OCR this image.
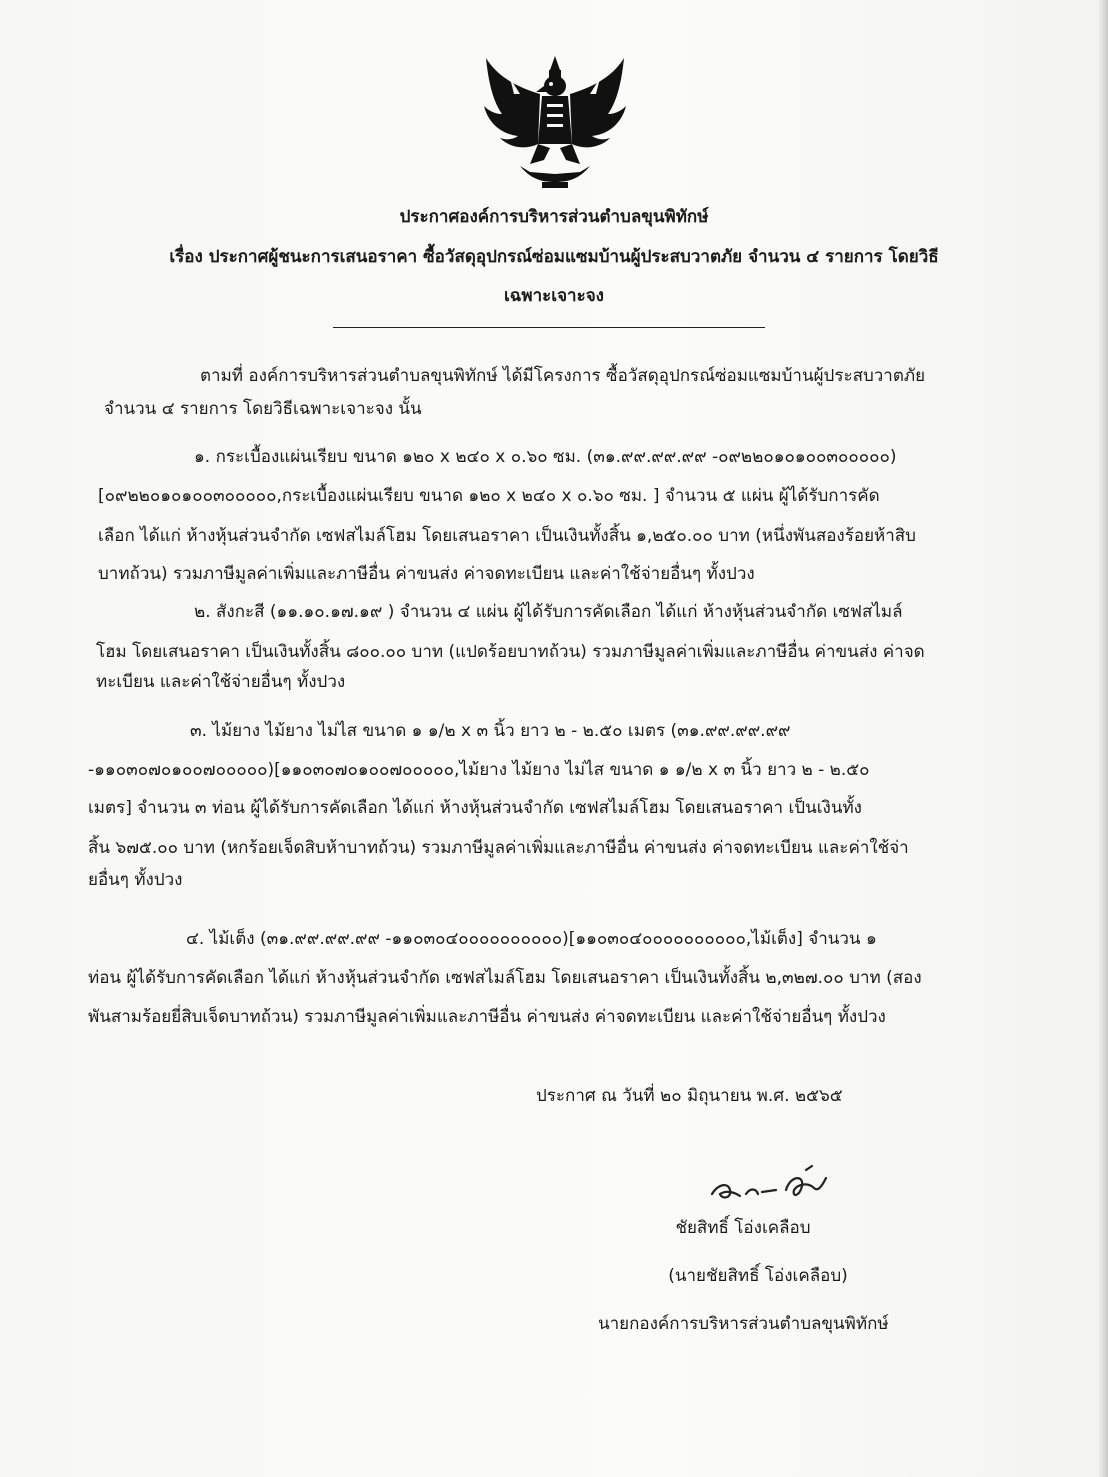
ประกาศองค์การบริหารส่วนตำบลขุนพิทักษ์
เรื่อง ประกาศผู้ชนะการเสนอราคา ซื้อวัสดุอุปกรณ์ซ่อมแซมบ้านผู้ประสบวาตภัย จำนวน ๔ รายการ โดยวิธี
เฉพาะเจาะจง
ตามที่ องค์การบริหารส่วนตำบลขุนพิทักษ์ ได้มีโครงการ ซื้อวัสดุอุปกรณ์ซ่อมแซมบ้านผู้ประสบวาตภัย
จำนวน ๔ รายการ โดยวิธีเฉพาะเจาะจง นั้น
๑. กระเบื้องแผ่นเรียบ ขนาด ๑๒๐ x ๒๔๐ x ๐.๖๐ ซม. (๓๑.๙๙.๙๙.๙๙ -๐๙๒๒๐๑๐๑๐๐๓๐๐๐๐๐)
[๐๙๒๒๐๑๐๑๐๐๓๐๐๐๐๐,กระเบื้องแผ่นเรียบ ขนาด ๑๒๐ x ๒๔๐ x ๐.๖๐ ซม. ] จำนวน ๕ แผ่น ผู้ได้รับการคัด
เลือก ได้แก่ ห้างหุ้นส่วนจำกัด เซฟสไมล์โฮม โดยเสนอราคา เป็นเงินทั้งสิ้น ๑,๒๕๐.๐๐ บาท (หนึ่งพันสองร้อยห้าสิบ
บาทถ้วน) รวมภาษีมูลค่าเพิ่มและภาษีอื่น ค่าขนส่ง ค่าจดทะเบียน และค่าใช้จ่ายอื่นๆ ทั้งปวง
๒. สังกะสี (๑๑.๑๐.๑๗.๑๙ ) จำนวน ๔ แผ่น ผู้ได้รับการคัดเลือก ได้แก่ ห้างหุ้นส่วนจำกัด เซฟสไมล์
โฮม โดยเสนอราคา เป็นเงินทั้งสิ้น ๘๐๐.๐๐ บาท (แปดร้อยบาทถ้วน) รวมภาษีมูลค่าเพิ่มและภาษีอื่น ค่าขนส่ง ค่าจด
ทะเบียน และค่าใช้จ่ายอื่นๆ ทั้งปวง
๓. ไม้ยาง ไม้ยาง ไม่ไส ขนาด ๑ ๑/๒ x ๓ นิ้ว ยาว ๒ - ๒.๕๐ เมตร (๓๑.๙๙.๙๙.๙๙
-๑๑๐๓๐๗๐๑๐๐๗๐๐๐๐๐)[๑๑๐๓๐๗๐๑๐๐๗๐๐๐๐๐,ไม้ยาง ไม้ยาง ไม่ไส ขนาด ๑ ๑/๒ x ๓ นิ้ว ยาว ๒ - ๒.๕๐
เมตร] จำนวน ๓ ท่อน ผู้ได้รับการคัดเลือก ได้แก่ ห้างหุ้นส่วนจำกัด เซฟสไมล์โฮม โดยเสนอราคา เป็นเงินทั้ง
สิ้น ๖๗๕.๐๐ บาท (หกร้อยเจ็ดสิบห้าบาทถ้วน) รวมภาษีมูลค่าเพิ่มและภาษีอื่น ค่าขนส่ง ค่าจดทะเบียน และค่าใช้จ่า
ยอื่นๆ ทั้งปวง
๔. ไม้เต็ง (๓๑.๙๙.๙๙.๙๙ -๑๑๐๓๐๔๐๐๐๐๐๐๐๐๐๐)[๑๑๐๓๐๔๐๐๐๐๐๐๐๐๐๐,ไม้เต็ง] จำนวน ๑
ท่อน ผู้ได้รับการคัดเลือก ได้แก่ ห้างหุ้นส่วนจำกัด เซฟสไมล์โฮม โดยเสนอราคา เป็นเงินทั้งสิ้น ๒,๓๒๗.๐๐ บาท (สอง
พันสามร้อยยี่สิบเจ็ดบาทถ้วน) รวมภาษีมูลค่าเพิ่มและภาษีอื่น ค่าขนส่ง ค่าจดทะเบียน และค่าใช้จ่ายอื่นๆ ทั้งปวง
ประกาศ ณ วันที่ ๒๐ มิถุนายน พ.ศ. ๒๕๖๕
ชัยสิทธิ์ โอ่งเคลือบ
(นายชัยสิทธิ์ โอ่งเคลือบ)
นายกองค์การบริหารส่วนตำบลขุนพิทักษ์
